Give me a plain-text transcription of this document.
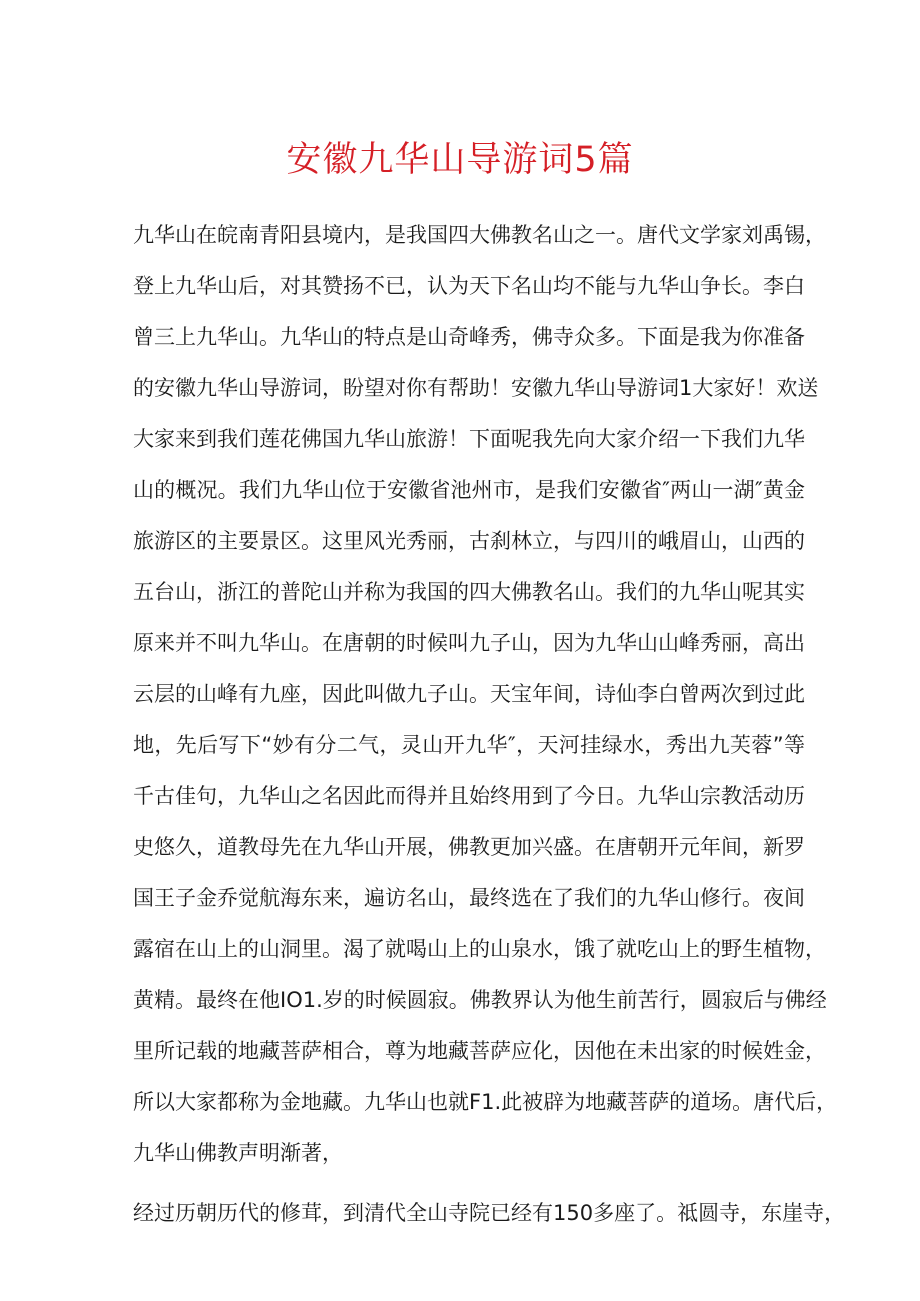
安徽九华山导游词5篇
九华山在皖南青阳县境内，是我国四大佛教名山之一。唐代文学家刘禹锡，
登上九华山后，对其赞扬不已，认为天下名山均不能与九华山争长。李白
曾三上九华山。九华山的特点是山奇峰秀，佛寺众多。下面是我为你准备
的安徽九华山导游词，盼望对你有帮助！安徽九华山导游词1大家好！欢送
大家来到我们莲花佛国九华山旅游！下面呢我先向大家介绍一下我们九华
山的概况。我们九华山位于安徽省池州市，是我们安徽省″两山一湖″黄金
旅游区的主要景区。这里风光秀丽，古刹林立，与四川的峨眉山，山西的
五台山，浙江的普陀山并称为我国的四大佛教名山。我们的九华山呢其实
原来并不叫九华山。在唐朝的时候叫九子山，因为九华山山峰秀丽，高出
云层的山峰有九座，因此叫做九子山。天宝年间，诗仙李白曾两次到过此
地，先后写下“妙有分二气，灵山开九华″，天河挂绿水，秀出九芙蓉”等
千古佳句，九华山之名因此而得并且始终用到了今日。九华山宗教活动历
史悠久，道教母先在九华山开展，佛教更加兴盛。在唐朝开元年间，新罗
国王子金乔觉航海东来，遍访名山，最终选在了我们的九华山修行。夜间
露宿在山上的山洞里。渴了就喝山上的山泉水，饿了就吃山上的野生植物，
黄精。最终在他IO1.岁的时候圆寂。佛教界认为他生前苦行，圆寂后与佛经
里所记载的地藏菩萨相合，尊为地藏菩萨应化，因他在未出家的时候姓金，
所以大家都称为金地藏。九华山也就F1.此被辟为地藏菩萨的道场。唐代后，
九华山佛教声明渐著，
经过历朝历代的修茸，到清代全山寺院已经有150多座了。祗圆寺，东崖寺，
